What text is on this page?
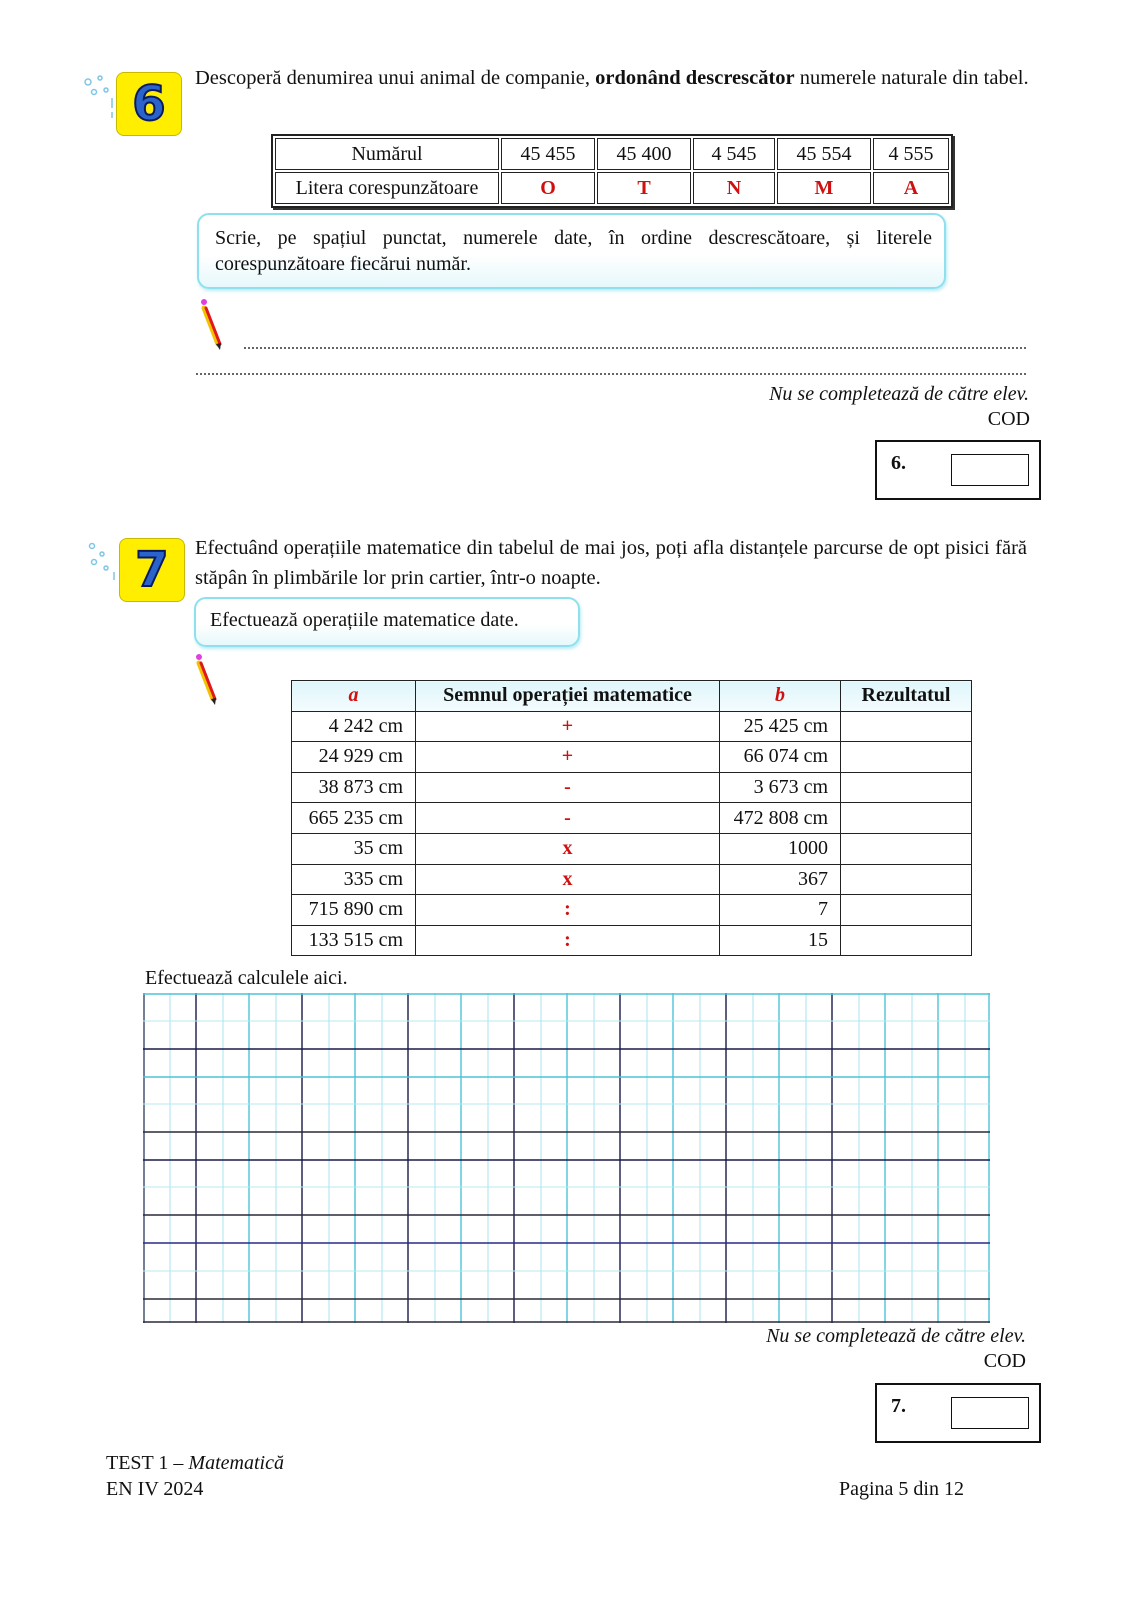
6 Descoperă denumirea unui animal de companie, ordonând descrescător numerele naturale din tabel.
Numărul	45 455	45 400	4 545	45 554	4 555
Litera corespunzătoare	O	T	N	M	A
Scrie, pe spațiul punctat, numerele date, în ordine descrescătoare, și literele corespunzătoare fiecărui număr.
Nu se completează de către elev.
COD
6.
7 Efectuând operațiile matematice din tabelul de mai jos, poți afla distanțele parcurse de opt pisici fără stăpân în plimbările lor prin cartier, într-o noapte.
Efectuează operațiile matematice date.
a	Semnul operației matematice	b	Rezultatul
4 242 cm	+	25 425 cm	
24 929 cm	+	66 074 cm	
38 873 cm	-	3 673 cm	
665 235 cm	-	472 808 cm	
35 cm	x	1000	
335 cm	x	367	
715 890 cm	:	7	
133 515 cm	:	15	
Efectuează calculele aici.
Nu se completează de către elev.
COD
7.
TEST 1 – Matematică
EN IV 2024	Pagina 5 din 12
